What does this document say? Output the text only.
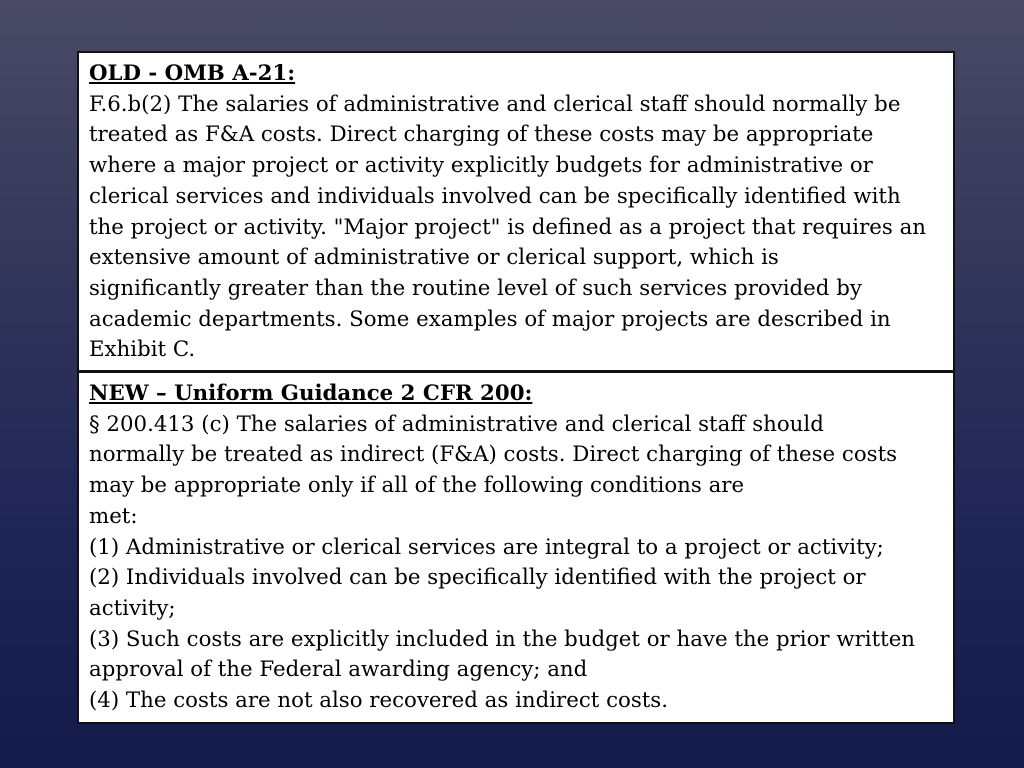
OLD - OMB A-21:
F.6.b(2) The salaries of administrative and clerical staff should normally be
treated as F&A costs. Direct charging of these costs may be appropriate
where a major project or activity explicitly budgets for administrative or
clerical services and individuals involved can be specifically identified with
the project or activity. "Major project" is defined as a project that requires an
extensive amount of administrative or clerical support, which is
significantly greater than the routine level of such services provided by
academic departments. Some examples of major projects are described in
Exhibit C.
NEW – Uniform Guidance 2 CFR 200:
§ 200.413 (c) The salaries of administrative and clerical staff should
normally be treated as indirect (F&A) costs. Direct charging of these costs
may be appropriate only if all of the following conditions are
met:
(1) Administrative or clerical services are integral to a project or activity;
(2) Individuals involved can be specifically identified with the project or
activity;
(3) Such costs are explicitly included in the budget or have the prior written
approval of the Federal awarding agency; and
(4) The costs are not also recovered as indirect costs.
